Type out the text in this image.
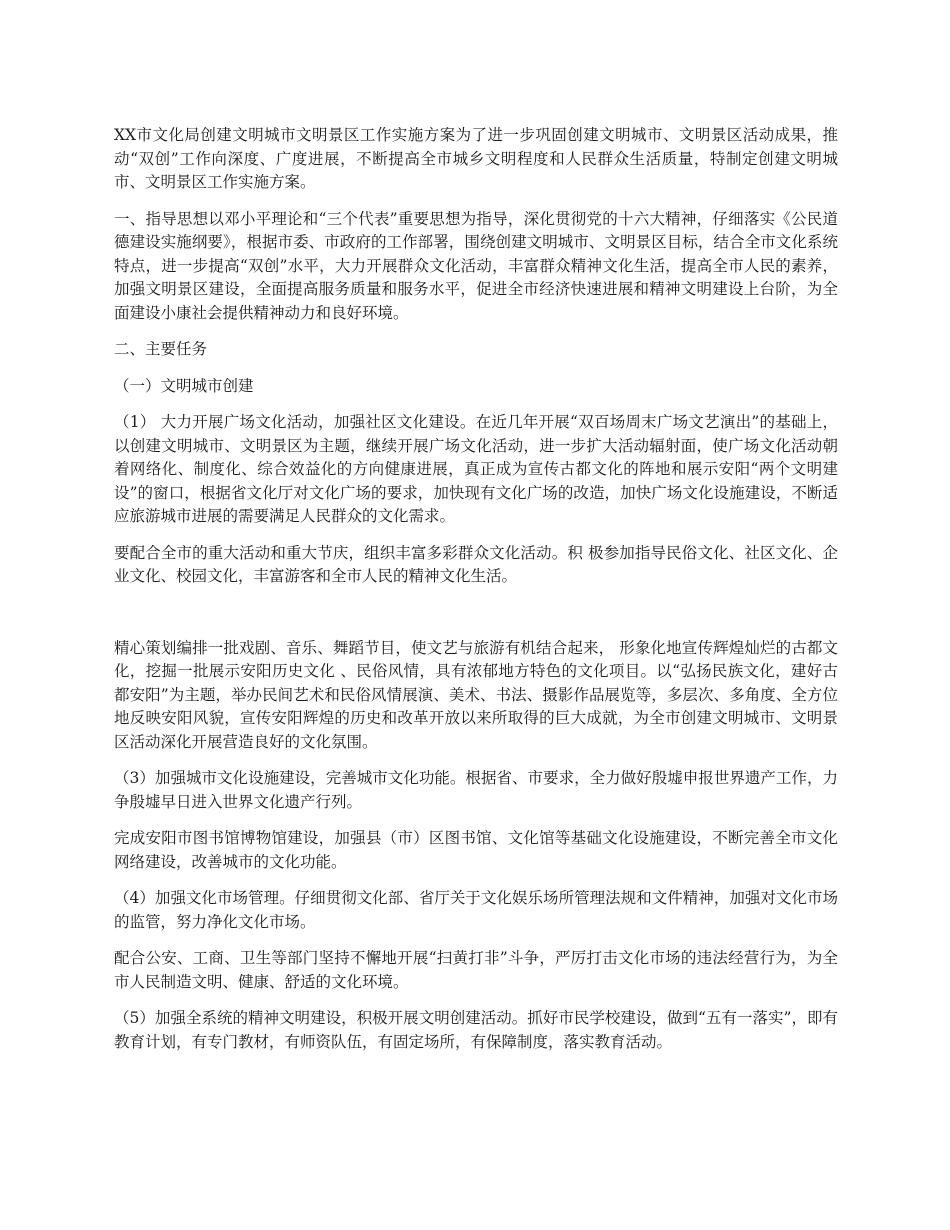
XX市文化局创建文明城市文明景区工作实施方案为了进一步巩固创建文明城市、文明景区活动成果，推动“双创”工作向深度、广度进展，不断提高全市城乡文明程度和人民群众生活质量，特制定创建文明城市、文明景区工作实施方案。

一、指导思想以邓小平理论和“三个代表”重要思想为指导，深化贯彻党的十六大精神，仔细落实《公民道德建设实施纲要》，根据市委、市政府的工作部署，围绕创建文明城市、文明景区目标，结合全市文化系统特点，进一步提高“双创”水平，大力开展群众文化活动，丰富群众精神文化生活，提高全市人民的素养，加强文明景区建设，全面提高服务质量和服务水平，促进全市经济快速进展和精神文明建设上台阶，为全面建设小康社会提供精神动力和良好环境。

二、主要任务

（一）文明城市创建

（1） 大力开展广场文化活动，加强社区文化建设。在近几年开展“双百场周末广场文艺演出”的基础上，以创建文明城市、文明景区为主题，继续开展广场文化活动，进一步扩大活动辐射面，使广场文化活动朝着网络化、制度化、综合效益化的方向健康进展，真正成为宣传古都文化的阵地和展示安阳“两个文明建设”的窗口，根据省文化厅对文化广场的要求，加快现有文化广场的改造，加快广场文化设施建设，不断适应旅游城市进展的需要满足人民群众的文化需求。

要配合全市的重大活动和重大节庆，组织丰富多彩群众文化活动。积 极参加指导民俗文化、社区文化、企业文化、校园文化，丰富游客和全市人民的精神文化生活。

精心策划编排一批戏剧、音乐、舞蹈节目，使文艺与旅游有机结合起来， 形象化地宣传辉煌灿烂的古都文化，挖掘一批展示安阳历史文化 、民俗风情，具有浓郁地方特色的文化项目。以“弘扬民族文化，建好古都安阳”为主题，举办民间艺术和民俗风情展演、美术、书法、摄影作品展览等，多层次、多角度、全方位地反映安阳风貌，宣传安阳辉煌的历史和改革开放以来所取得的巨大成就，为全市创建文明城市、文明景区活动深化开展营造良好的文化氛围。

（3）加强城市文化设施建设，完善城市文化功能。根据省、市要求，全力做好殷墟申报世界遗产工作，力争殷墟早日进入世界文化遗产行列。

完成安阳市图书馆博物馆建设，加强县（市）区图书馆、文化馆等基础文化设施建设，不断完善全市文化网络建设，改善城市的文化功能。

（4）加强文化市场管理。仔细贯彻文化部、省厅关于文化娱乐场所管理法规和文件精神，加强对文化市场的监管，努力净化文化市场。

配合公安、工商、卫生等部门坚持不懈地开展“扫黄打非”斗争，严厉打击文化市场的违法经营行为，为全市人民制造文明、健康、舒适的文化环境。

（5）加强全系统的精神文明建设，积极开展文明创建活动。抓好市民学校建设，做到“五有一落实”，即有教育计划，有专门教材，有师资队伍，有固定场所，有保障制度，落实教育活动。
